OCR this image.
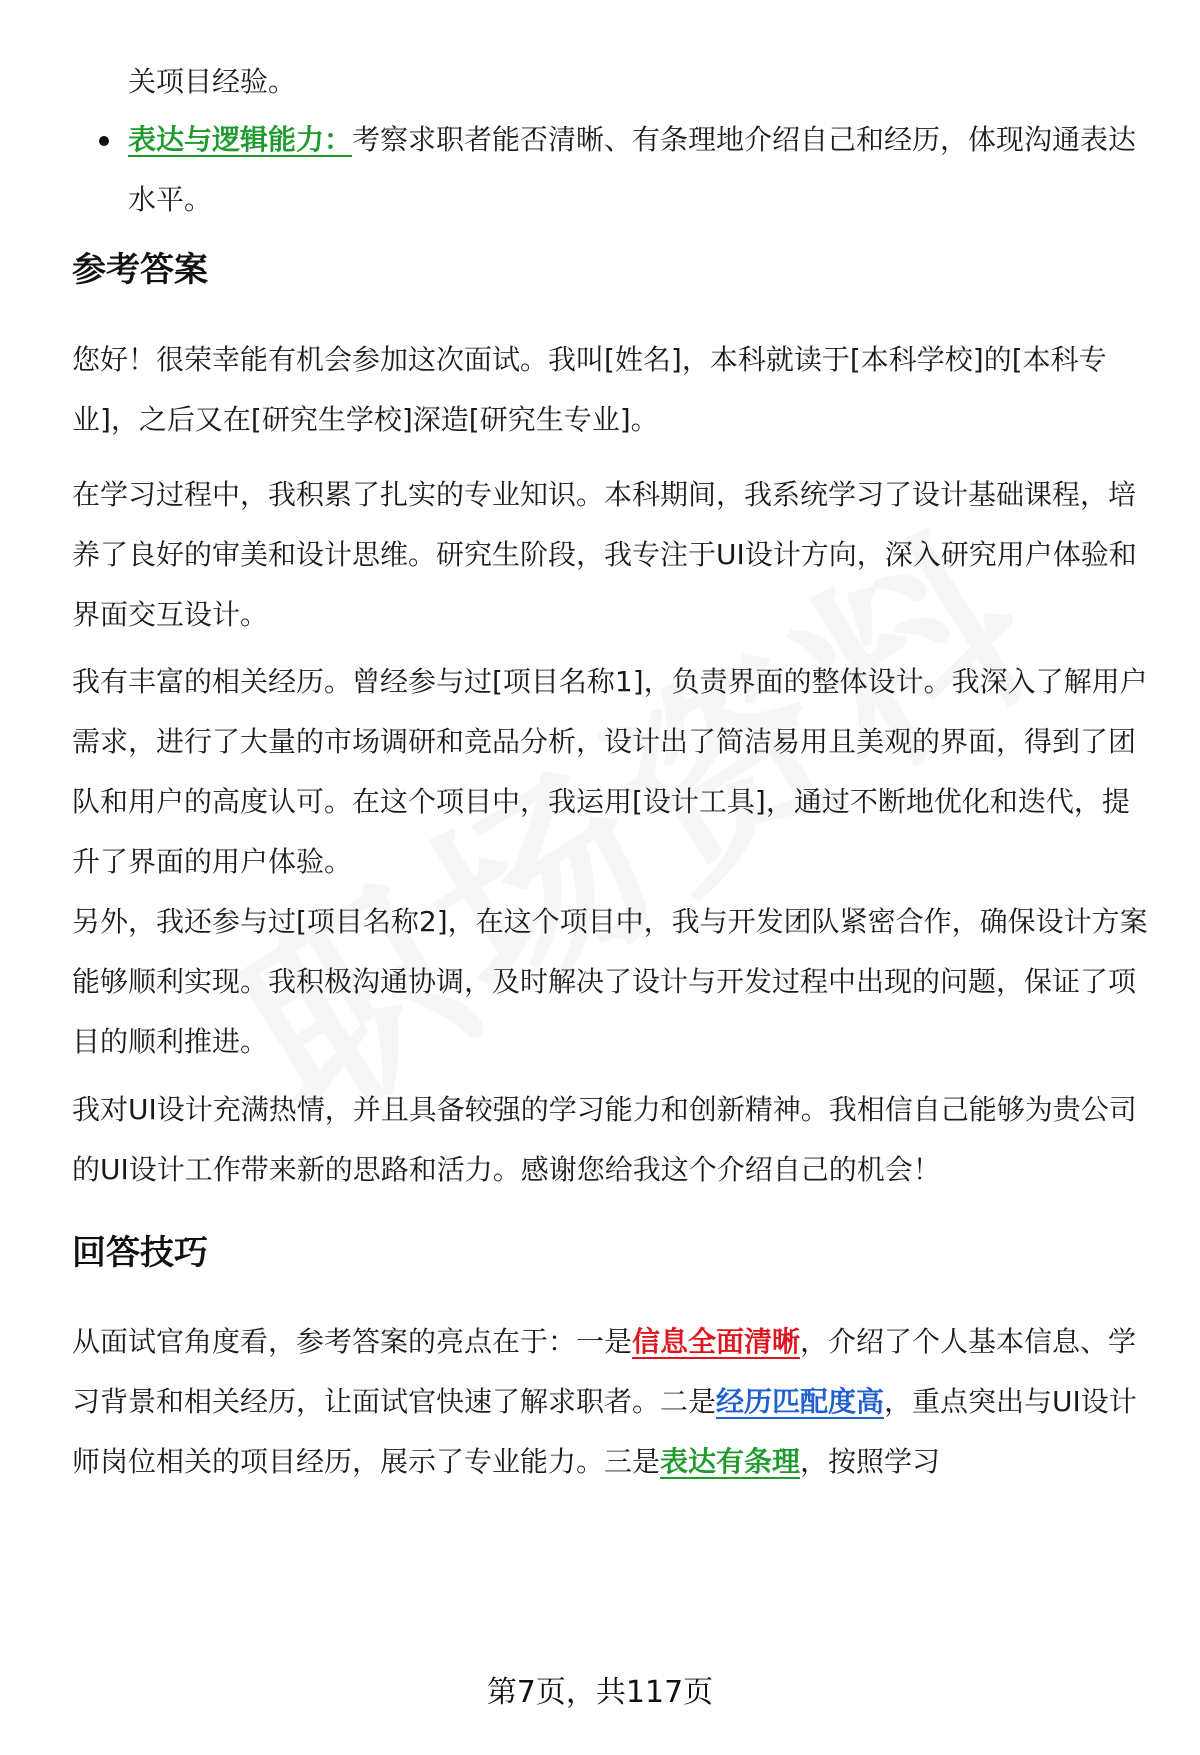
关项目经验。

表达与逻辑能力：考察求职者能否清晰、有条理地介绍自己和经历，体现沟通表达水平。

参考答案

您好！很荣幸能有机会参加这次面试。我叫[姓名]，本科就读于[本科学校]的[本科专业]，之后又在[研究生学校]深造[研究生专业]。

在学习过程中，我积累了扎实的专业知识。本科期间，我系统学习了设计基础课程，培养了良好的审美和设计思维。研究生阶段，我专注于UI设计方向，深入研究用户体验和界面交互设计。

我有丰富的相关经历。曾经参与过[项目名称1]，负责界面的整体设计。我深入了解用户需求，进行了大量的市场调研和竞品分析，设计出了简洁易用且美观的界面，得到了团队和用户的高度认可。在这个项目中，我运用[设计工具]，通过不断地优化和迭代，提升了界面的用户体验。

另外，我还参与过[项目名称2]，在这个项目中，我与开发团队紧密合作，确保设计方案能够顺利实现。我积极沟通协调，及时解决了设计与开发过程中出现的问题，保证了项目的顺利推进。

我对UI设计充满热情，并且具备较强的学习能力和创新精神。我相信自己能够为贵公司的UI设计工作带来新的思路和活力。感谢您给我这个介绍自己的机会！

回答技巧

从面试官角度看，参考答案的亮点在于：一是信息全面清晰，介绍了个人基本信息、学习背景和相关经历，让面试官快速了解求职者。二是经历匹配度高，重点突出与UI设计师岗位相关的项目经历，展示了专业能力。三是表达有条理，按照学习

第7页，共117页
